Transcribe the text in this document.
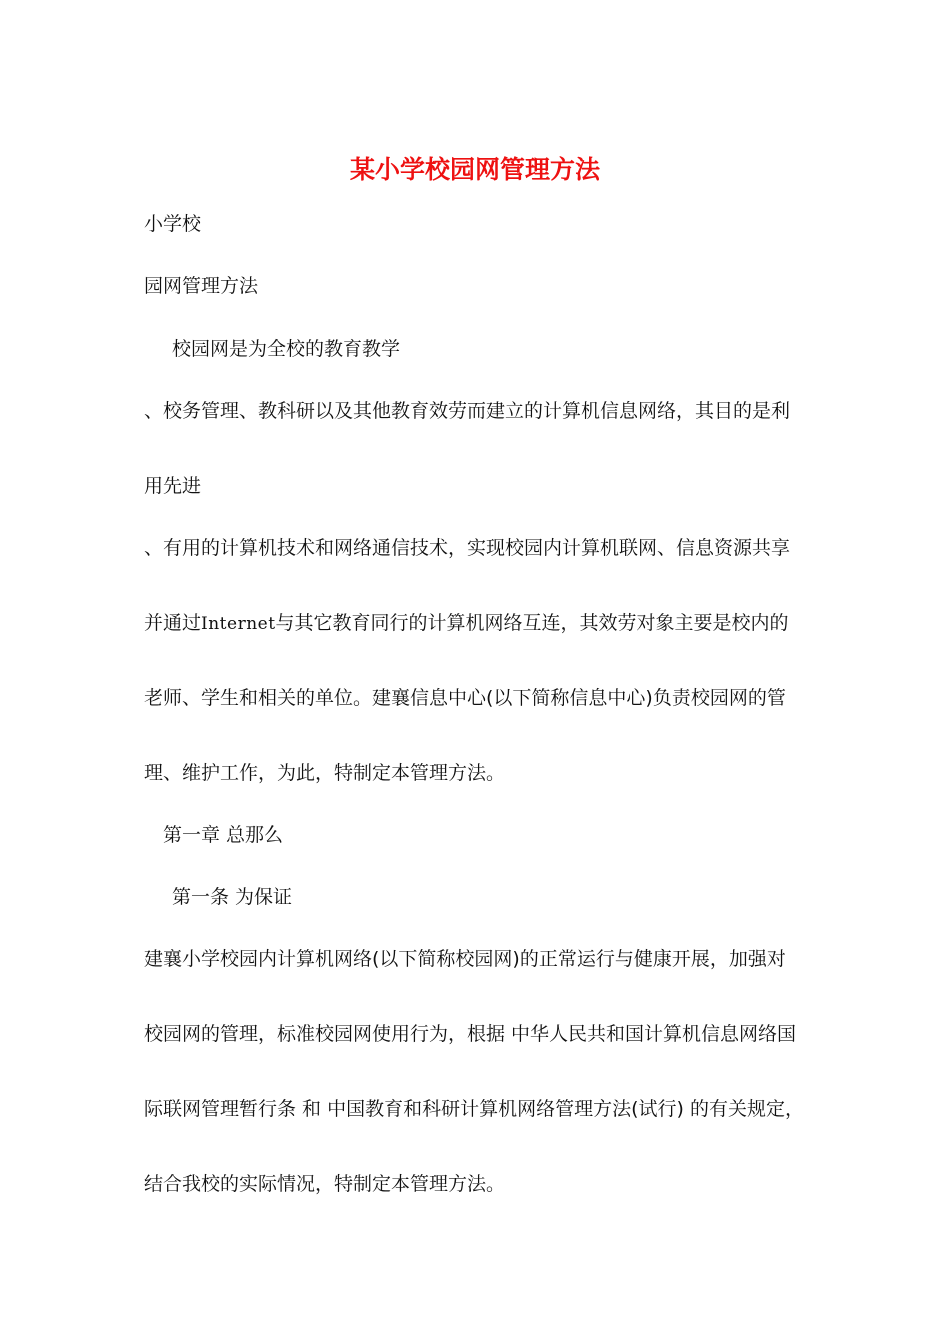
某小学校园网管理方法

小学校

园网管理方法

校园网是为全校的教育教学

、校务管理、教科研以及其他教育效劳而建立的计算机信息网络，其目的是利

用先进

、有用的计算机技术和网络通信技术，实现校园内计算机联网、信息资源共享

并通过Internet与其它教育同行的计算机网络互连，其效劳对象主要是校内的

老师、学生和相关的单位。建襄信息中心(以下简称信息中心)负责校园网的管

理、维护工作，为此，特制定本管理方法。

第一章 总那么

第一条 为保证

建襄小学校园内计算机网络(以下简称校园网)的正常运行与健康开展，加强对

校园网的管理，标准校园网使用行为，根据 中华人民共和国计算机信息网络国

际联网管理暂行条 和 中国教育和科研计算机网络管理方法(试行) 的有关规定，

结合我校的实际情况，特制定本管理方法。
